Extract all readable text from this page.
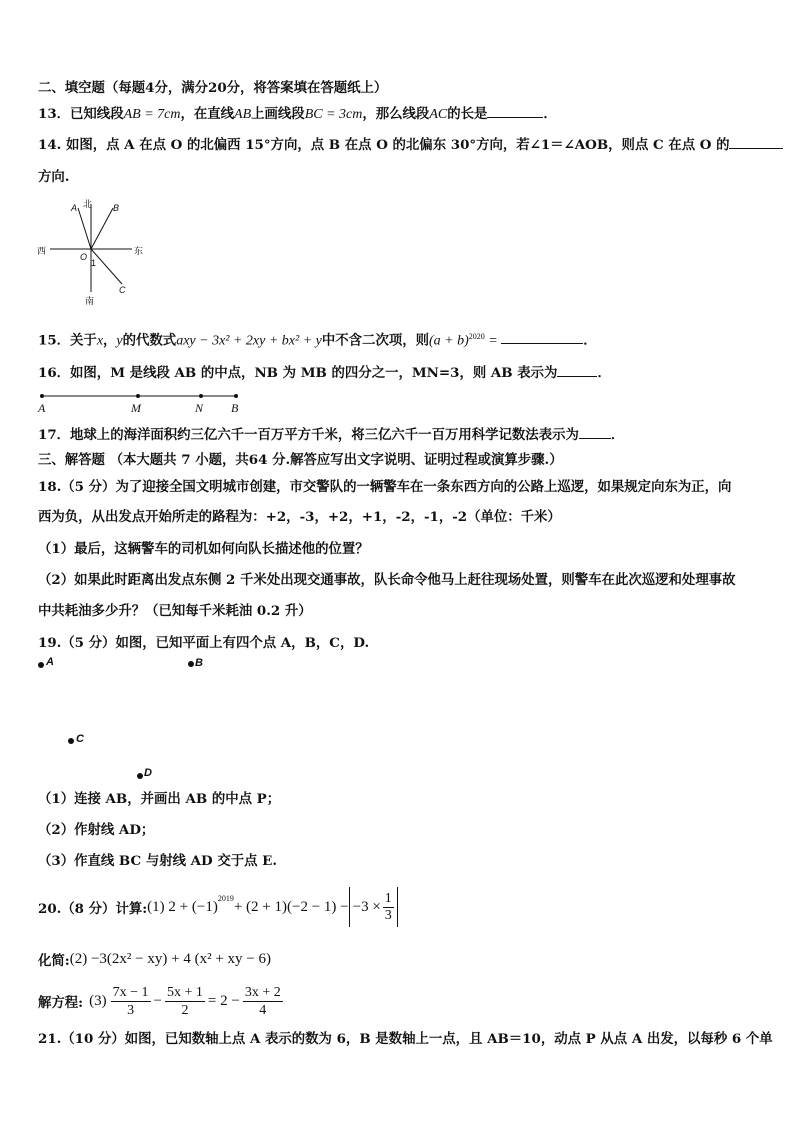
二、填空题（每题4分，满分20分，将答案填在答题纸上）
13．已知线段AB = 7cm，在直线AB上画线段BC = 3cm，那么线段AC的长是	．
14. 如图，点 A 在点 O 的北偏西 15°方向，点 B 在点 O 的北偏东 30°方向，若∠1＝∠AOB，则点 C 在点 O 的
方向.
北
南
西	东
A	B
C
O
1
15．关于x，y的代数式axy − 3x² + 2xy + bx² + y中不含二次项，则$(a + b)^{2020}$ =	．
16．如图，M 是线段 AB 的中点，NB 为 MB 的四分之一，MN=3，则 AB 表示为	．
A	M	N B
17．地球上的海洋面积约三亿六千一百万平方千米，将三亿六千一百万用科学记数法表示为 ．
三、解答题 （本大题共 7 小题，共64 分.解答应写出文字说明、证明过程或演算步骤.）
18.（5 分）为了迎接全国文明城市创建，市交警队的一辆警车在一条东西方向的公路上巡逻，如果规定向东为正，向
西为负，从出发点开始所走的路程为：+2，-3，+2，+1，-2，-1，-2（单位：千米）
（1）最后，这辆警车的司机如何向队长描述他的位置？
（2）如果此时距离出发点东侧 2 千米处出现交通事故，队长命令他马上赶往现场处置，则警车在此次巡逻和处理事故
中共耗油多少升？（已知每千米耗油 0.2 升）
19.（5 分）如图，已知平面上有四个点 A，B，C，D.
A	B
C
D
（1）连接 AB，并画出 AB 的中点 P；
（2）作射线 AD；
（3）作直线 BC 与射线 AD 交于点 E.
20.（8 分）计算: (1) $2 + (-1)^{2019} + (2 + 1)(-2 - 1) - -3 \times \frac{1}{3}$
化简: (2) −3(2x² − xy) + 4 (x² + xy − 6)
解方程: $(3) \frac{7x - 1}{3} - \frac{5x + 1}{2} = 2 - \frac{3x + 2}{4}$
21.（10 分）如图，已知数轴上点 A 表示的数为 6，B 是数轴上一点，且 AB＝10，动点 P 从点 A 出发，以每秒 6 个单
